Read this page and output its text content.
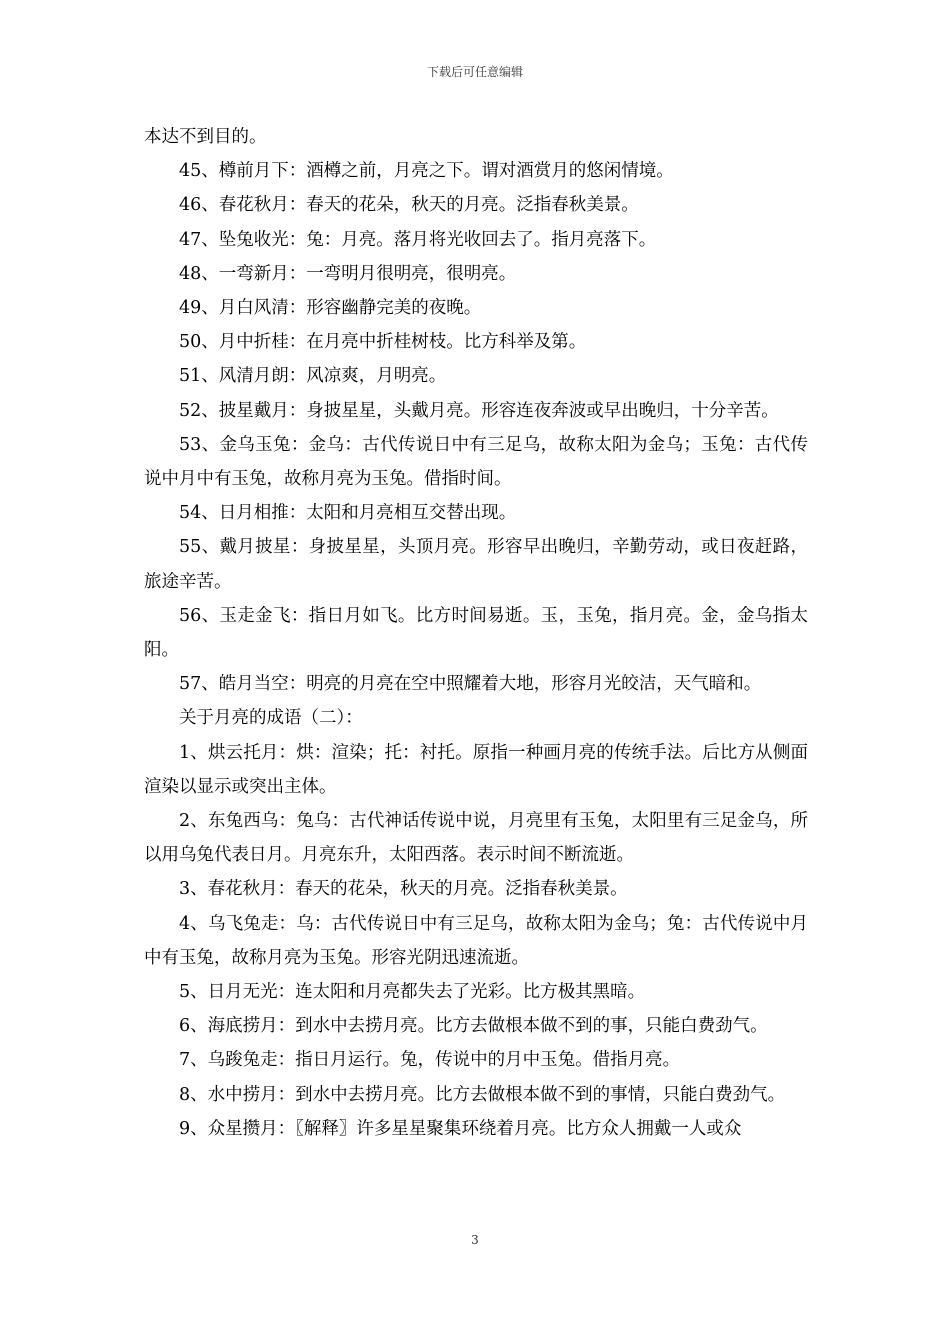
下载后可任意编辑

本达不到目的。

45、樽前月下：酒樽之前，月亮之下。谓对酒赏月的悠闲情境。

46、春花秋月：春天的花朵，秋天的月亮。泛指春秋美景。

47、坠兔收光：兔：月亮。落月将光收回去了。指月亮落下。

48、一弯新月：一弯明月很明亮，很明亮。

49、月白风清：形容幽静完美的夜晚。

50、月中折桂：在月亮中折桂树枝。比方科举及第。

51、风清月朗：风凉爽，月明亮。

52、披星戴月：身披星星，头戴月亮。形容连夜奔波或早出晚归，十分辛苦。

53、金乌玉兔：金乌：古代传说日中有三足乌，故称太阳为金乌；玉兔：古代传说中月中有玉兔，故称月亮为玉兔。借指时间。

54、日月相推：太阳和月亮相互交替出现。

55、戴月披星：身披星星，头顶月亮。形容早出晚归，辛勤劳动，或日夜赶路，旅途辛苦。

56、玉走金飞：指日月如飞。比方时间易逝。玉，玉兔，指月亮。金，金乌指太阳。

57、皓月当空：明亮的月亮在空中照耀着大地，形容月光皎洁，天气暗和。

关于月亮的成语（二）：

1、烘云托月：烘：渲染；托：衬托。原指一种画月亮的传统手法。后比方从侧面渲染以显示或突出主体。

2、东兔西乌：兔乌：古代神话传说中说，月亮里有玉兔，太阳里有三足金乌，所以用乌兔代表日月。月亮东升，太阳西落。表示时间不断流逝。

3、春花秋月：春天的花朵，秋天的月亮。泛指春秋美景。

4、乌飞兔走：乌：古代传说日中有三足乌，故称太阳为金乌；兔：古代传说中月中有玉兔，故称月亮为玉兔。形容光阴迅速流逝。

5、日月无光：连太阳和月亮都失去了光彩。比方极其黑暗。

6、海底捞月：到水中去捞月亮。比方去做根本做不到的事，只能白费劲气。

7、乌踆兔走：指日月运行。兔，传说中的月中玉兔。借指月亮。

8、水中捞月：到水中去捞月亮。比方去做根本做不到的事情，只能白费劲气。

9、众星攒月：〖解释〗许多星星聚集环绕着月亮。比方众人拥戴一人或众

3
